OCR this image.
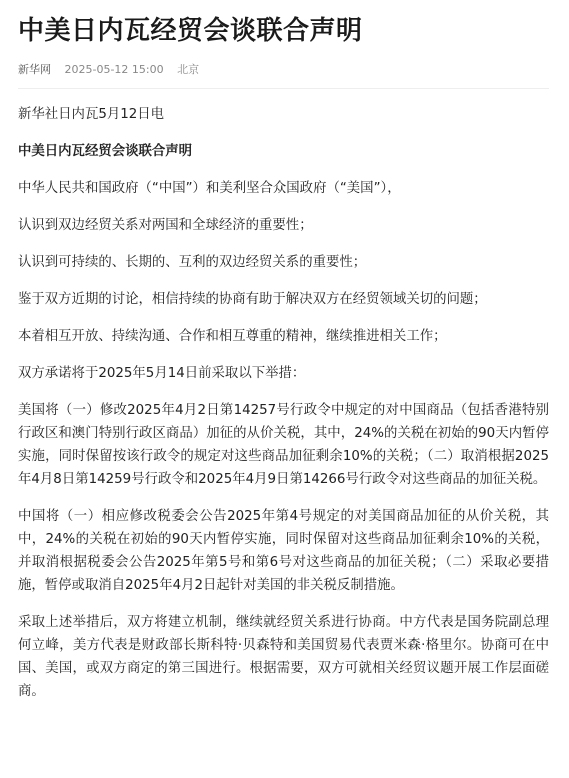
中美日内瓦经贸会谈联合声明
新华网 2025-05-12 15:00 北京

新华社日内瓦5月12日电

中美日内瓦经贸会谈联合声明

中华人民共和国政府（“中国”）和美利坚合众国政府（“美国”），

认识到双边经贸关系对两国和全球经济的重要性；

认识到可持续的、长期的、互利的双边经贸关系的重要性；

鉴于双方近期的讨论，相信持续的协商有助于解决双方在经贸领域关切的问题；

本着相互开放、持续沟通、合作和相互尊重的精神，继续推进相关工作；

双方承诺将于2025年5月14日前采取以下举措：

美国将（一）修改2025年4月2日第14257号行政令中规定的对中国商品（包括香港特别行政区和澳门特别行政区商品）加征的从价关税，其中，24%的关税在初始的90天内暂停实施，同时保留按该行政令的规定对这些商品加征剩余10%的关税；（二）取消根据2025年4月8日第14259号行政令和2025年4月9日第14266号行政令对这些商品的加征关税。

中国将（一）相应修改税委会公告2025年第4号规定的对美国商品加征的从价关税，其中，24%的关税在初始的90天内暂停实施，同时保留对这些商品加征剩余10%的关税，并取消根据税委会公告2025年第5号和第6号对这些商品的加征关税；（二）采取必要措施，暂停或取消自2025年4月2日起针对美国的非关税反制措施。

采取上述举措后，双方将建立机制，继续就经贸关系进行协商。中方代表是国务院副总理何立峰，美方代表是财政部长斯科特·贝森特和美国贸易代表贾米森·格里尔。协商可在中国、美国，或双方商定的第三国进行。根据需要，双方可就相关经贸议题开展工作层面磋商。
